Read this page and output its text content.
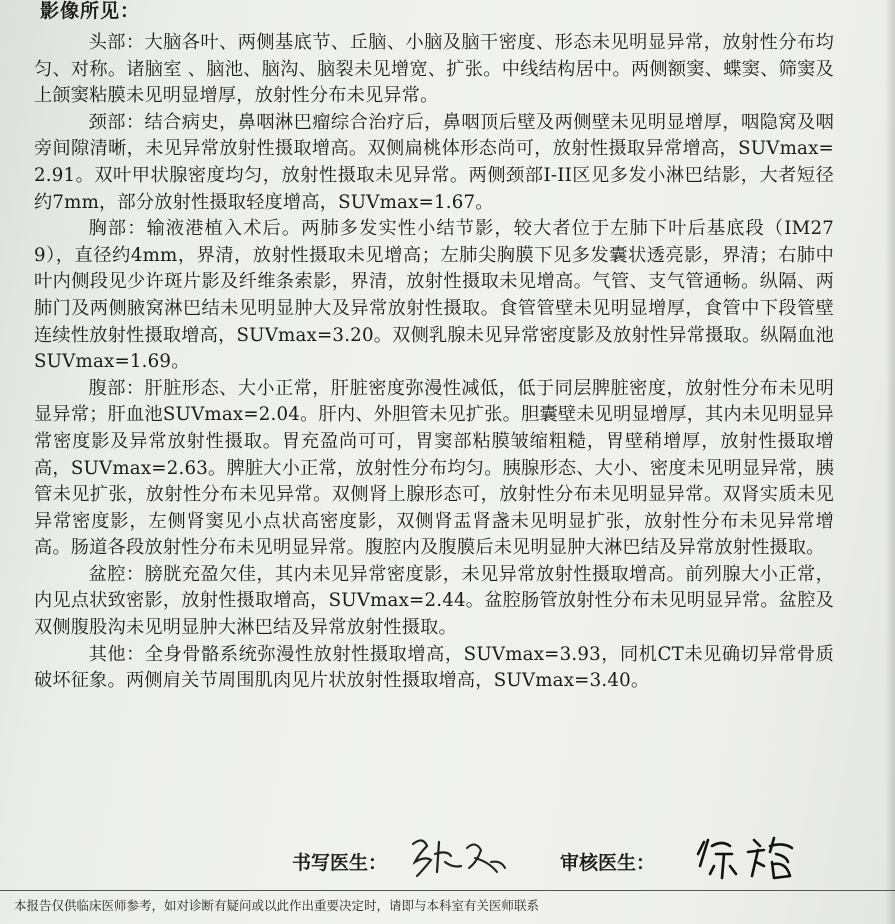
影像所见：

头部：大脑各叶、两侧基底节、丘脑、小脑及脑干密度、形态未见明显异常，放射性分布均匀、对称。诸脑室 、脑池、脑沟、脑裂未见增宽、扩张。中线结构居中。两侧额窦、蝶窦、筛窦及上颌窦粘膜未见明显增厚，放射性分布未见异常。

颈部：结合病史，鼻咽淋巴瘤综合治疗后，鼻咽顶后壁及两侧壁未见明显增厚，咽隐窝及咽旁间隙清晰，未见异常放射性摄取增高。双侧扁桃体形态尚可，放射性摄取异常增高，SUVmax=2.91。双叶甲状腺密度均匀，放射性摄取未见异常。两侧颈部I-II区见多发小淋巴结影，大者短径约7mm，部分放射性摄取轻度增高，SUVmax=1.67。

胸部：输液港植入术后。两肺多发实性小结节影，较大者位于左肺下叶后基底段（IM279），直径约4mm，界清，放射性摄取未见增高；左肺尖胸膜下见多发囊状透亮影，界清；右肺中叶内侧段见少许斑片影及纤维条索影，界清，放射性摄取未见增高。气管、支气管通畅。纵隔、两肺门及两侧腋窝淋巴结未见明显肿大及异常放射性摄取。食管管壁未见明显增厚，食管中下段管壁连续性放射性摄取增高，SUVmax=3.20。双侧乳腺未见异常密度影及放射性异常摄取。纵隔血池SUVmax=1.69。

腹部：肝脏形态、大小正常，肝脏密度弥漫性减低，低于同层脾脏密度，放射性分布未见明显异常；肝血池SUVmax=2.04。肝内、外胆管未见扩张。胆囊壁未见明显增厚，其内未见明显异常密度影及异常放射性摄取。胃充盈尚可可，胃窦部粘膜皱缩粗糙，胃壁稍增厚，放射性摄取增高，SUVmax=2.63。脾脏大小正常，放射性分布均匀。胰腺形态、大小、密度未见明显异常，胰管未见扩张，放射性分布未见异常。双侧肾上腺形态可，放射性分布未见明显异常。双肾实质未见异常密度影，左侧肾窦见小点状高密度影，双侧肾盂肾盏未见明显扩张，放射性分布未见异常增高。肠道各段放射性分布未见明显异常。腹腔内及腹膜后未见明显肿大淋巴结及异常放射性摄取。

盆腔：膀胱充盈欠佳，其内未见异常密度影，未见异常放射性摄取增高。前列腺大小正常，内见点状致密影，放射性摄取增高，SUVmax=2.44。盆腔肠管放射性分布未见明显异常。盆腔及双侧腹股沟未见明显肿大淋巴结及异常放射性摄取。

其他：全身骨骼系统弥漫性放射性摄取增高，SUVmax=3.93，同机CT未见确切异常骨质破坏征象。两侧肩关节周围肌肉见片状放射性摄取增高，SUVmax=3.40。

书写医生：	审核医生：
本报告仅供临床医师参考，如对诊断有疑问或以此作出重要决定时，请即与本科室有关医师联系
